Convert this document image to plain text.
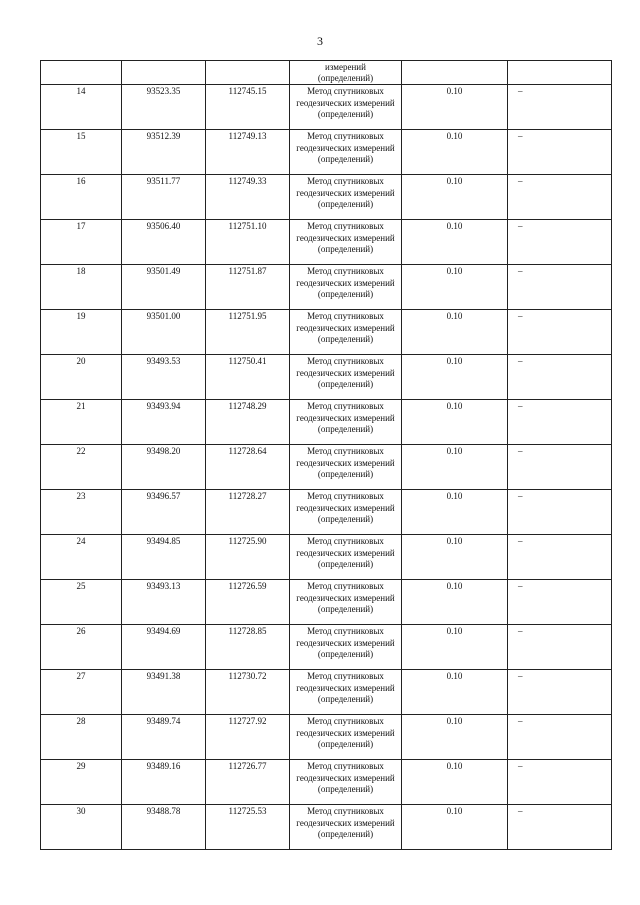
3
			измерений
(определений)		
14	93523.35	112745.15	Метод спутниковых геодезических измерений (определений)	0.10	–
15	93512.39	112749.13	Метод спутниковых геодезических измерений (определений)	0.10	–
16	93511.77	112749.33	Метод спутниковых геодезических измерений (определений)	0.10	–
17	93506.40	112751.10	Метод спутниковых геодезических измерений (определений)	0.10	–
18	93501.49	112751.87	Метод спутниковых геодезических измерений (определений)	0.10	–
19	93501.00	112751.95	Метод спутниковых геодезических измерений (определений)	0.10	–
20	93493.53	112750.41	Метод спутниковых геодезических измерений (определений)	0.10	–
21	93493.94	112748.29	Метод спутниковых геодезических измерений (определений)	0.10	–
22	93498.20	112728.64	Метод спутниковых геодезических измерений (определений)	0.10	–
23	93496.57	112728.27	Метод спутниковых геодезических измерений (определений)	0.10	–
24	93494.85	112725.90	Метод спутниковых геодезических измерений (определений)	0.10	–
25	93493.13	112726.59	Метод спутниковых геодезических измерений (определений)	0.10	–
26	93494.69	112728.85	Метод спутниковых геодезических измерений (определений)	0.10	–
27	93491.38	112730.72	Метод спутниковых геодезических измерений (определений)	0.10	–
28	93489.74	112727.92	Метод спутниковых геодезических измерений (определений)	0.10	–
29	93489.16	112726.77	Метод спутниковых геодезических измерений (определений)	0.10	–
30	93488.78	112725.53	Метод спутниковых геодезических измерений (определений)	0.10	–
